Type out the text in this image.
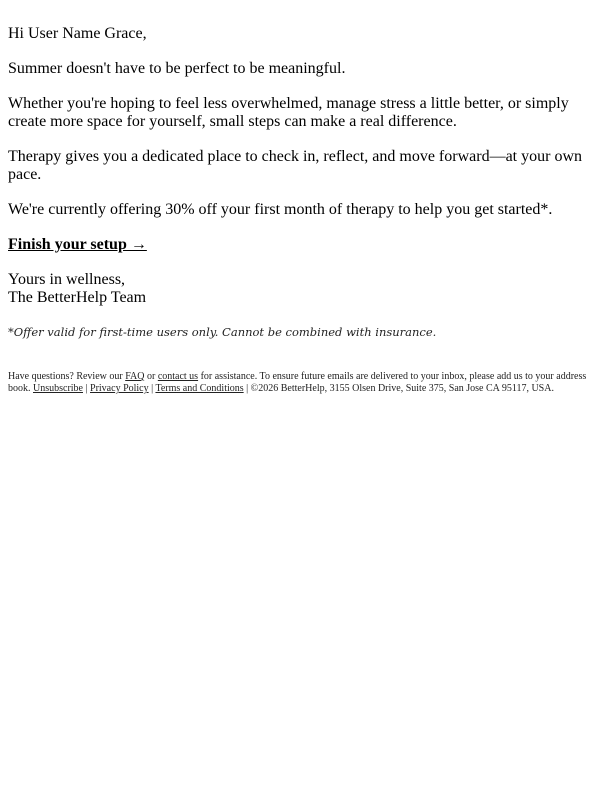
Hi User Name Grace,

Summer doesn't have to be perfect to be meaningful.

Whether you're hoping to feel less overwhelmed, manage stress a little better, or simply create more space for yourself, small steps can make a real difference.

Therapy gives you a dedicated place to check in, reflect, and move forward—at your own pace.

We're currently offering 30% off your first month of therapy to help you get started*.

Finish your setup →

Yours in wellness,
The BetterHelp Team

*Offer valid for first-time users only. Cannot be combined with insurance.

Have questions? Review our FAQ or contact us for assistance. To ensure future emails are delivered to your inbox, please add us to your address book. Unsubscribe | Privacy Policy | Terms and Conditions | ©2026 BetterHelp, 3155 Olsen Drive, Suite 375, San Jose CA 95117, USA.
